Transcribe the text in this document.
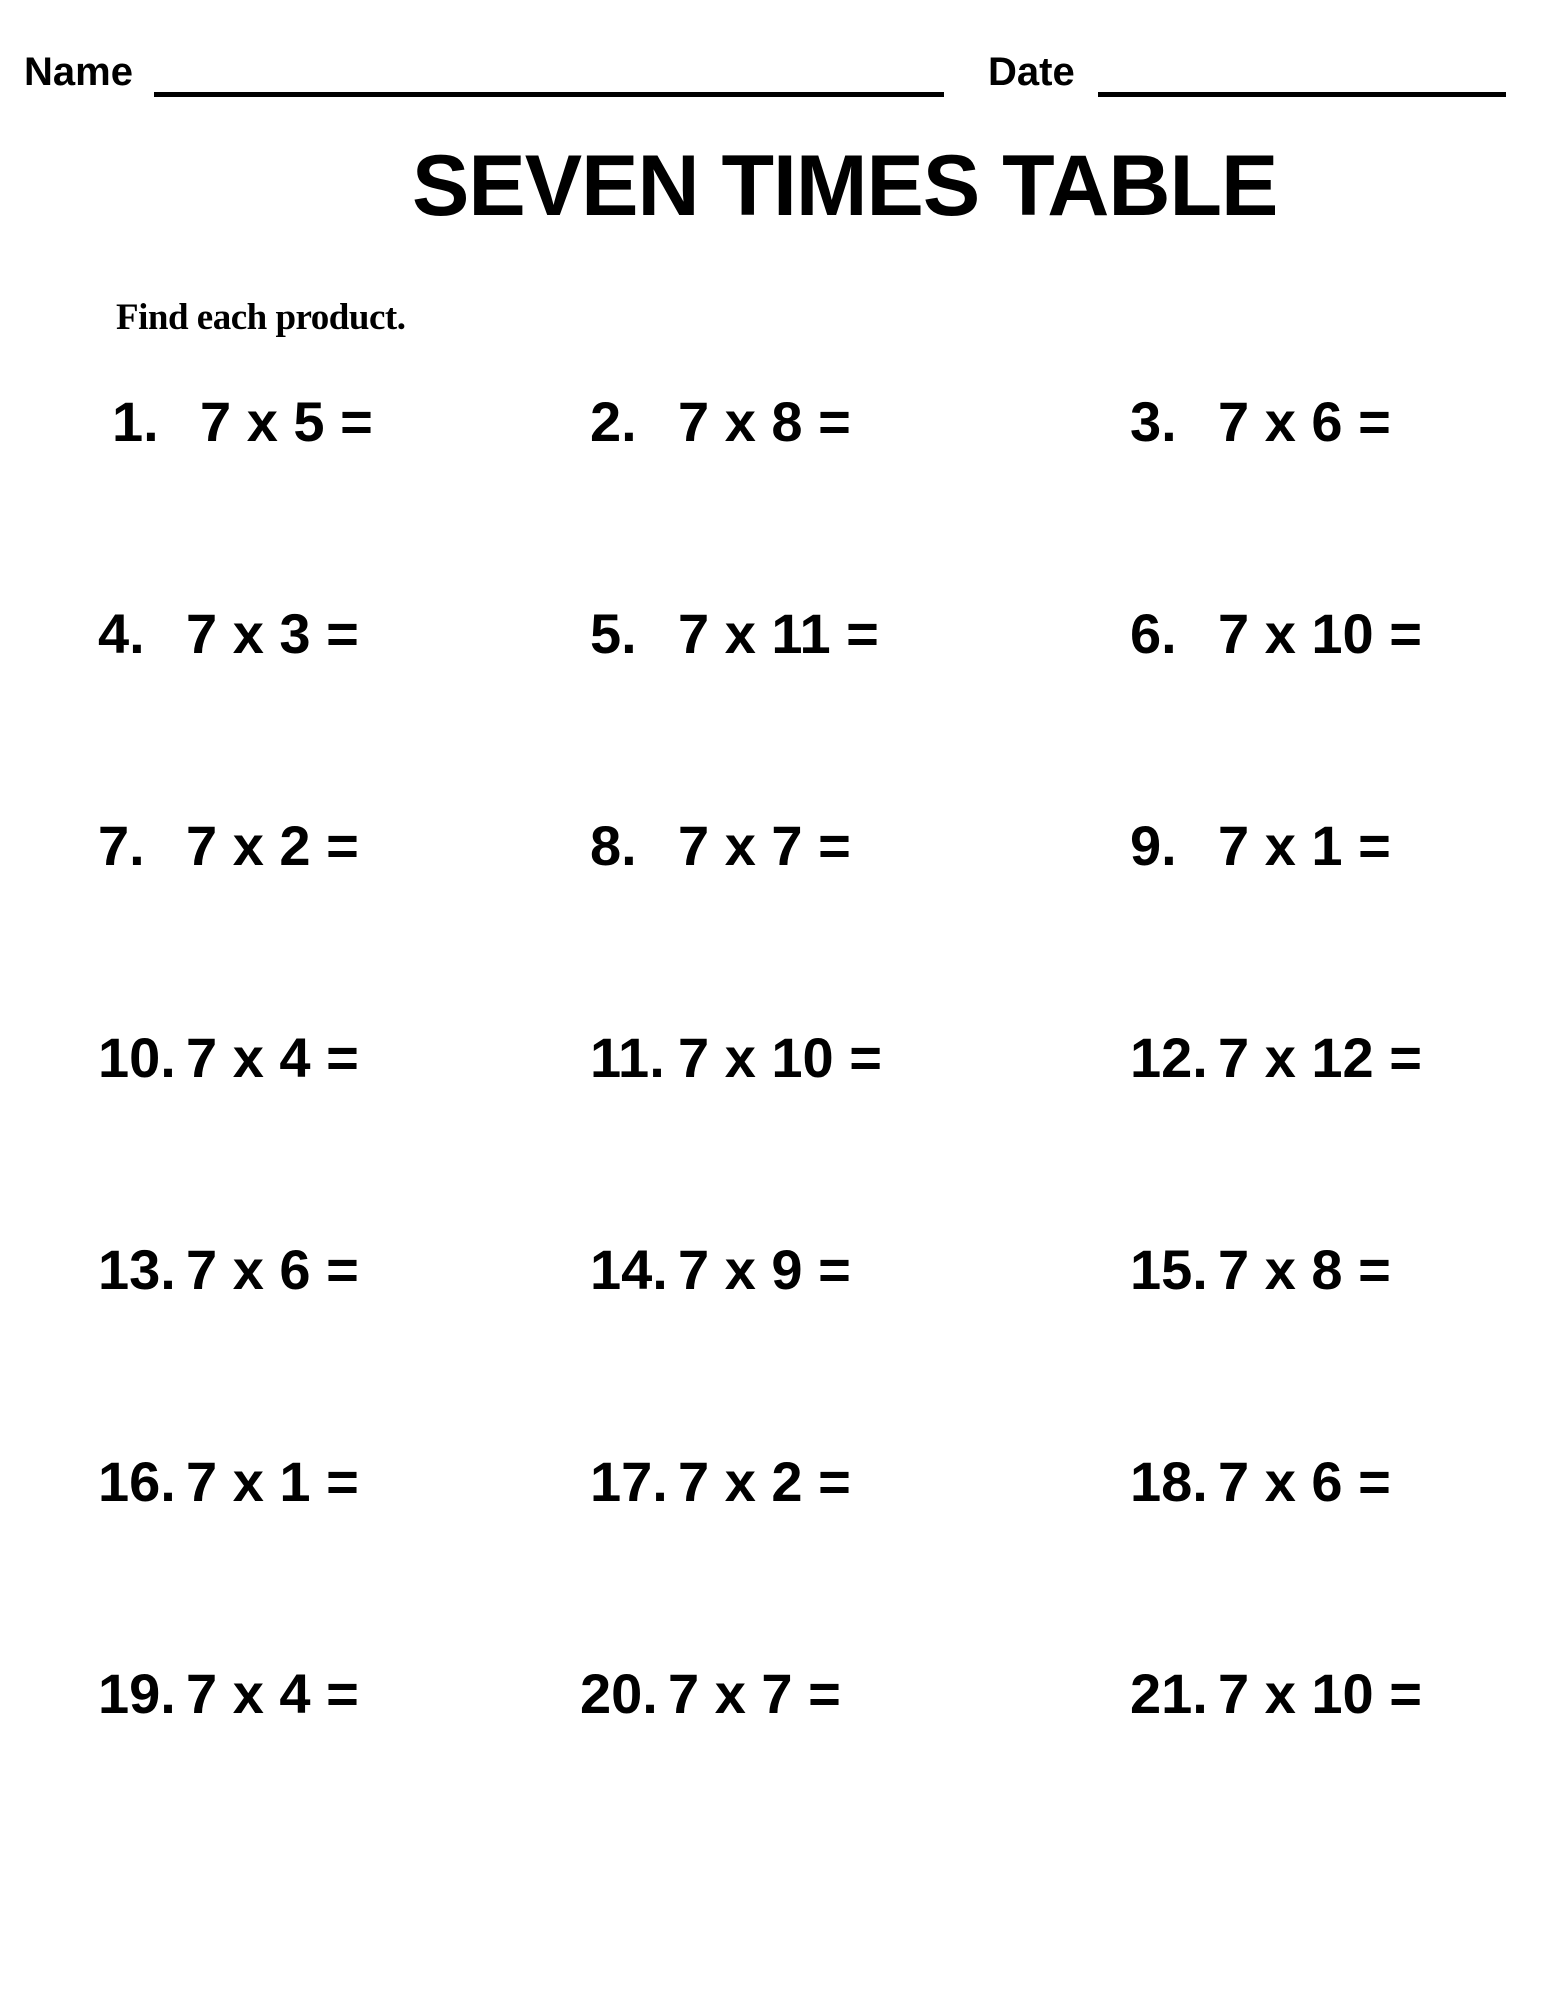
Name	Date
SEVEN TIMES TABLE
Find each product.
1. 7 x 5 =	2. 7 x 8 =	3. 7 x 6 =
4. 7 x 3 =	5. 7 x 11 =	6. 7 x 10 =
7. 7 x 2 =	8. 7 x 7 =	9. 7 x 1 =
10. 7 x 4 =	11. 7 x 10 =	12. 7 x 12 =
13. 7 x 6 =	14. 7 x 9 =	15. 7 x 8 =
16. 7 x 1 =	17. 7 x 2 =	18. 7 x 6 =
19. 7 x 4 =	20. 7 x 7 =	21. 7 x 10 =
